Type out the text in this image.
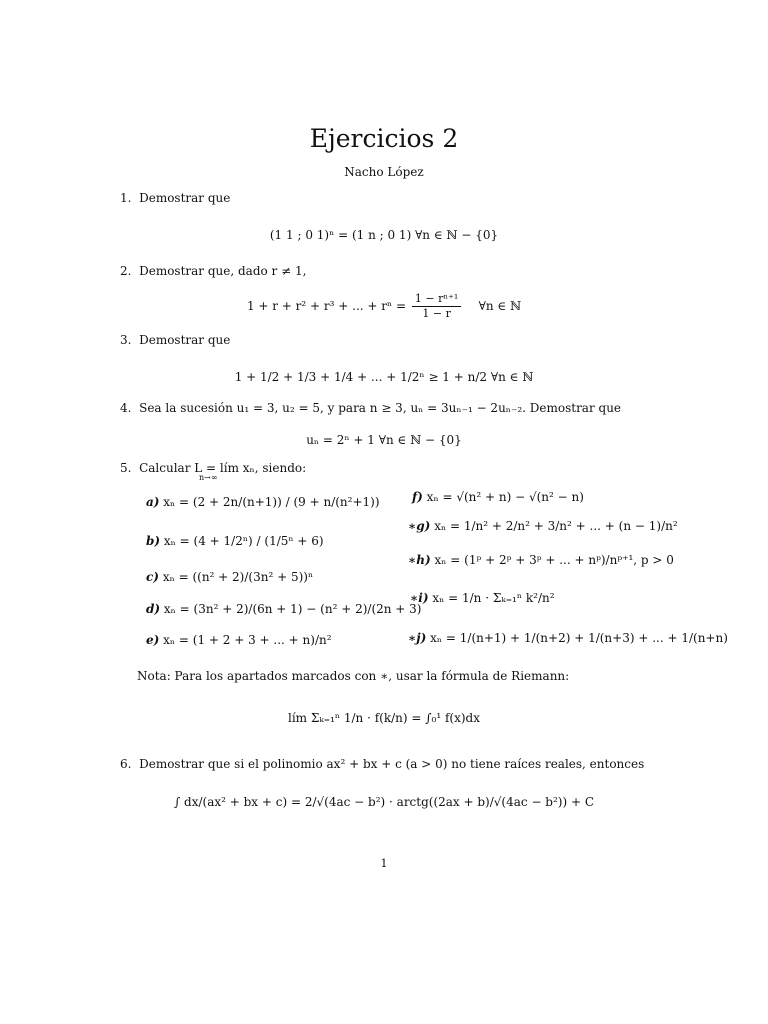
Ejercicios 2
Nacho López
1. Demostrar que
(1 1 ; 0 1)ⁿ = (1 n ; 0 1) ∀n ∈ ℕ − {0}
2. Demostrar que, dado r ≠ 1,
1 + r + r² + r³ + ... + $r^n = \frac{\text{1 − rⁿ⁺¹}}{1 - r}$ ∀n ∈ ℕ
3. Demostrar que
1 + 1/2 + 1/3 + 1/4 + ... + 1/2ⁿ ≥ 1 + n/2 ∀n ∈ ℕ
4. Sea la sucesión u₁ = 3, u₂ = 5, y para n ≥ 3, uₙ = 3uₙ₋₁ − 2uₙ₋₂. Demostrar que
uₙ = 2ⁿ + 1 ∀n ∈ ℕ − {0}
5. Calcular L = lím xₙ, siendo:
n→∞
a) xₙ = (2 + 2n/(n+1)) / (9 + n/(n²+1))
b) xₙ = (4 + 1/2ⁿ) / (1/5ⁿ + 6)
c) xₙ = ((n² + 2)/(3n² + 5))ⁿ
d) xₙ = (3n² + 2)/(6n + 1) − (n² + 2)/(2n + 3)
e) xₙ = (1 + 2 + 3 + ... + n)/n²
f) xₙ = √(n² + n) − √(n² − n)
∗g) xₙ = 1/n² + 2/n² + 3/n² + ... + (n − 1)/n²
∗h) xₙ = (1ᵖ + 2ᵖ + 3ᵖ + ... + nᵖ)/nᵖ⁺¹, p > 0
∗i) xₙ = 1/n · Σₖ₌₁ⁿ k²/n²
∗j) xₙ = 1/(n+1) + 1/(n+2) + 1/(n+3) + ... + 1/(n+n)
Nota: Para los apartados marcados con ∗, usar la fórmula de Riemann:
lím Σₖ₌₁ⁿ 1/n · f(k/n) = ∫₀¹ f(x)dx
6. Demostrar que si el polinomio ax² + bx + c (a > 0) no tiene raíces reales, entonces
∫ dx/(ax² + bx + c) = 2/√(4ac − b²) · arctg((2ax + b)/√(4ac − b²)) + C
1
